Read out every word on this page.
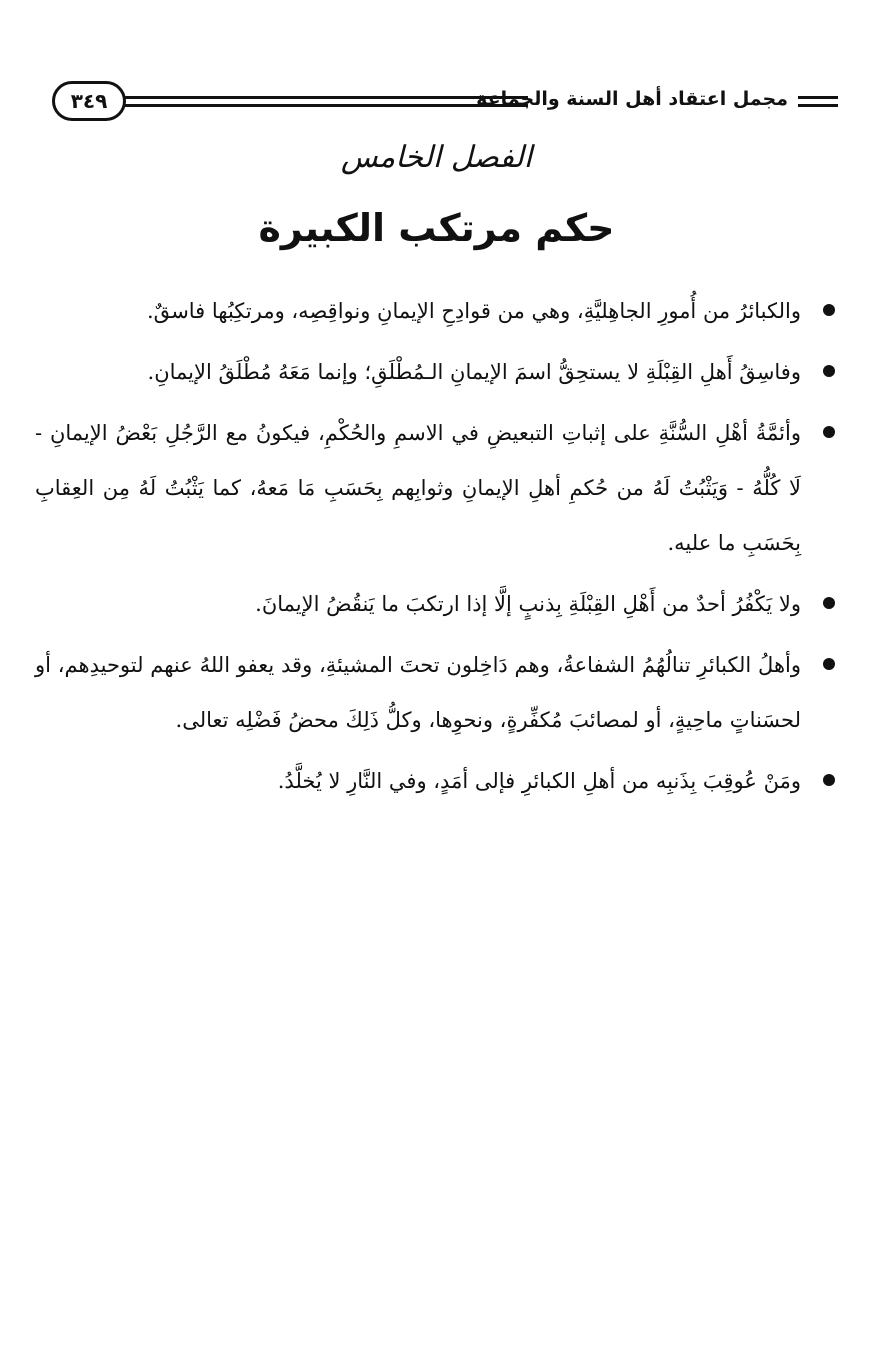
مجمل اعتقاد أهل السنة والجماعة
٣٤٩
الفصل الخامس
حكم مرتكب الكبيرة
والكبائرُ من أُمورِ الجاهِليَّةِ، وهي من قوادِحِ الإيمانِ ونواقِصِه، ومرتكِبُها فاسقٌ.
وفاسِقُ أَهلِ القِبْلَةِ لا يستحِقُّ اسمَ الإيمانِ الـمُطْلَقِ؛ وإنما مَعَهُ مُطْلَقُ الإيمانِ.
وأئمَّةُ أهْلِ السُّنَّةِ على إثباتِ التبعيضِ في الاسمِ والحُكْمِ، فيكونُ مع الرَّجُلِ بَعْضُ الإيمانِ - لَا كُلُّهُ - وَيَثْبُتُ لَهُ من حُكمِ أهلِ الإيمانِ وثوابِهم بِحَسَبِ مَا مَعهُ، كما يَثْبُتُ لَهُ مِن العِقابِ بِحَسَبِ ما عليه.
ولا يَكْفُرُ أحدٌ من أَهْلِ القِبْلَةِ بِذنبٍ إلَّا إذا ارتكبَ ما يَنقُضُ الإيمانَ.
وأهلُ الكبائرِ تنالُهُمُ الشفاعةُ، وهم دَاخِلون تحتَ المشيئةِ، وقد يعفو اللهُ عنهم لتوحيدِهم، أو لحسَناتٍ ماحِيةٍ، أو لمصائبَ مُكفِّرةٍ، ونحوِها، وكلُّ ذَلِكَ محضُ فَضْلِه تعالى.
ومَنْ عُوقِبَ بِذَنبِه من أهلِ الكبائرِ فإلى أمَدٍ، وفي النَّارِ لا يُخلَّدُ.
